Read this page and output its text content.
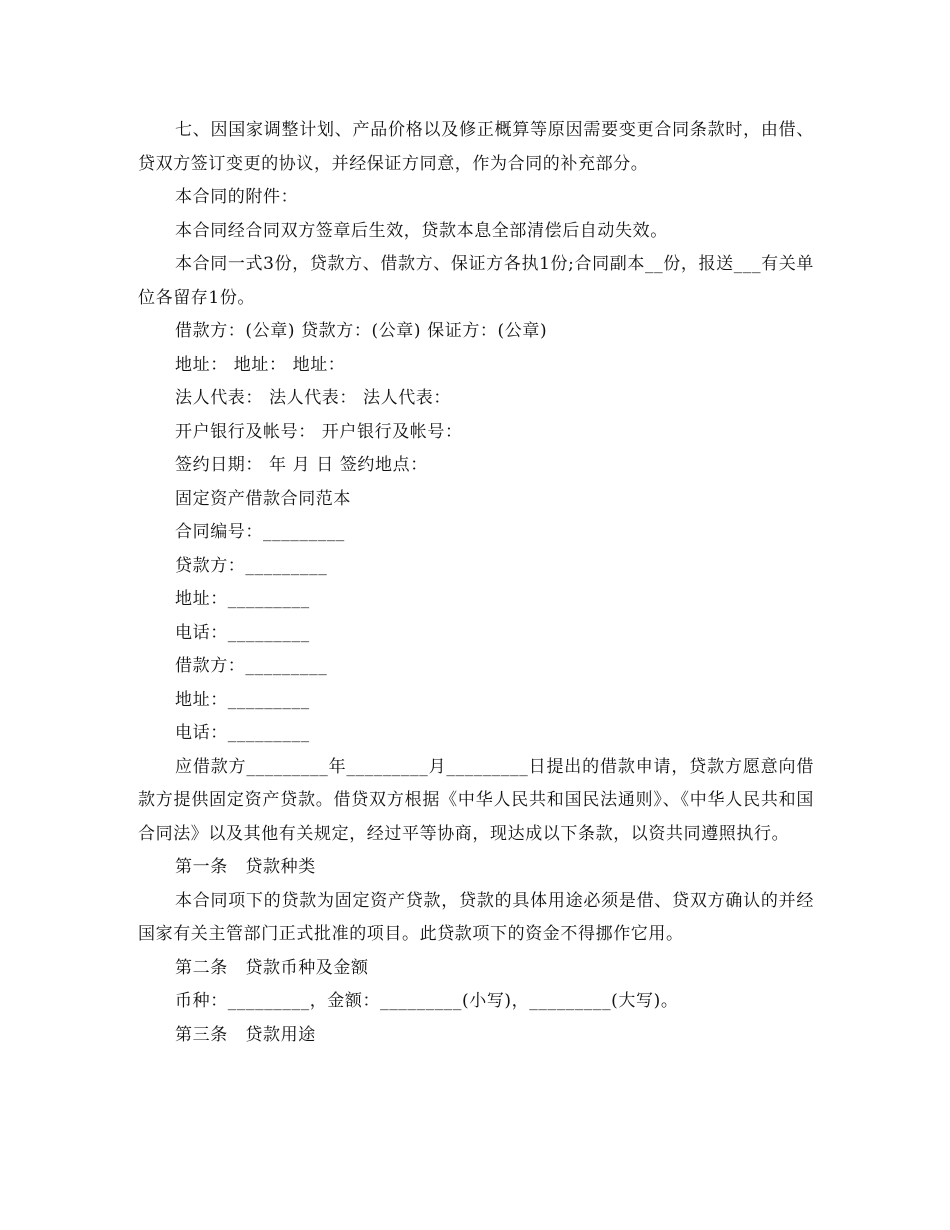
七、因国家调整计划、产品价格以及修正概算等原因需要变更合同条款时，由借、贷双方签订变更的协议，并经保证方同意，作为合同的补充部分。

本合同的附件：

本合同经合同双方签章后生效，贷款本息全部清偿后自动失效。

本合同一式3份，贷款方、借款方、保证方各执1份;合同副本__份，报送___有关单位各留存1份。

借款方：(公章) 贷款方：(公章) 保证方：(公章)

地址： 地址： 地址：

法人代表： 法人代表： 法人代表：

开户银行及帐号： 开户银行及帐号：

签约日期： 年 月 日 签约地点：

固定资产借款合同范本

合同编号：_________

贷款方：_________

地址：_________

电话：_________

借款方：_________

地址：_________

电话：_________

应借款方_________年_________月_________日提出的借款申请，贷款方愿意向借款方提供固定资产贷款。借贷双方根据《中华人民共和国民法通则》、《中华人民共和国合同法》以及其他有关规定，经过平等协商，现达成以下条款，以资共同遵照执行。

第一条　贷款种类

本合同项下的贷款为固定资产贷款，贷款的具体用途必须是借、贷双方确认的并经国家有关主管部门正式批准的项目。此贷款项下的资金不得挪作它用。

第二条　贷款币种及金额

币种：_________，金额：_________(小写)，_________(大写)。

第三条　贷款用途
